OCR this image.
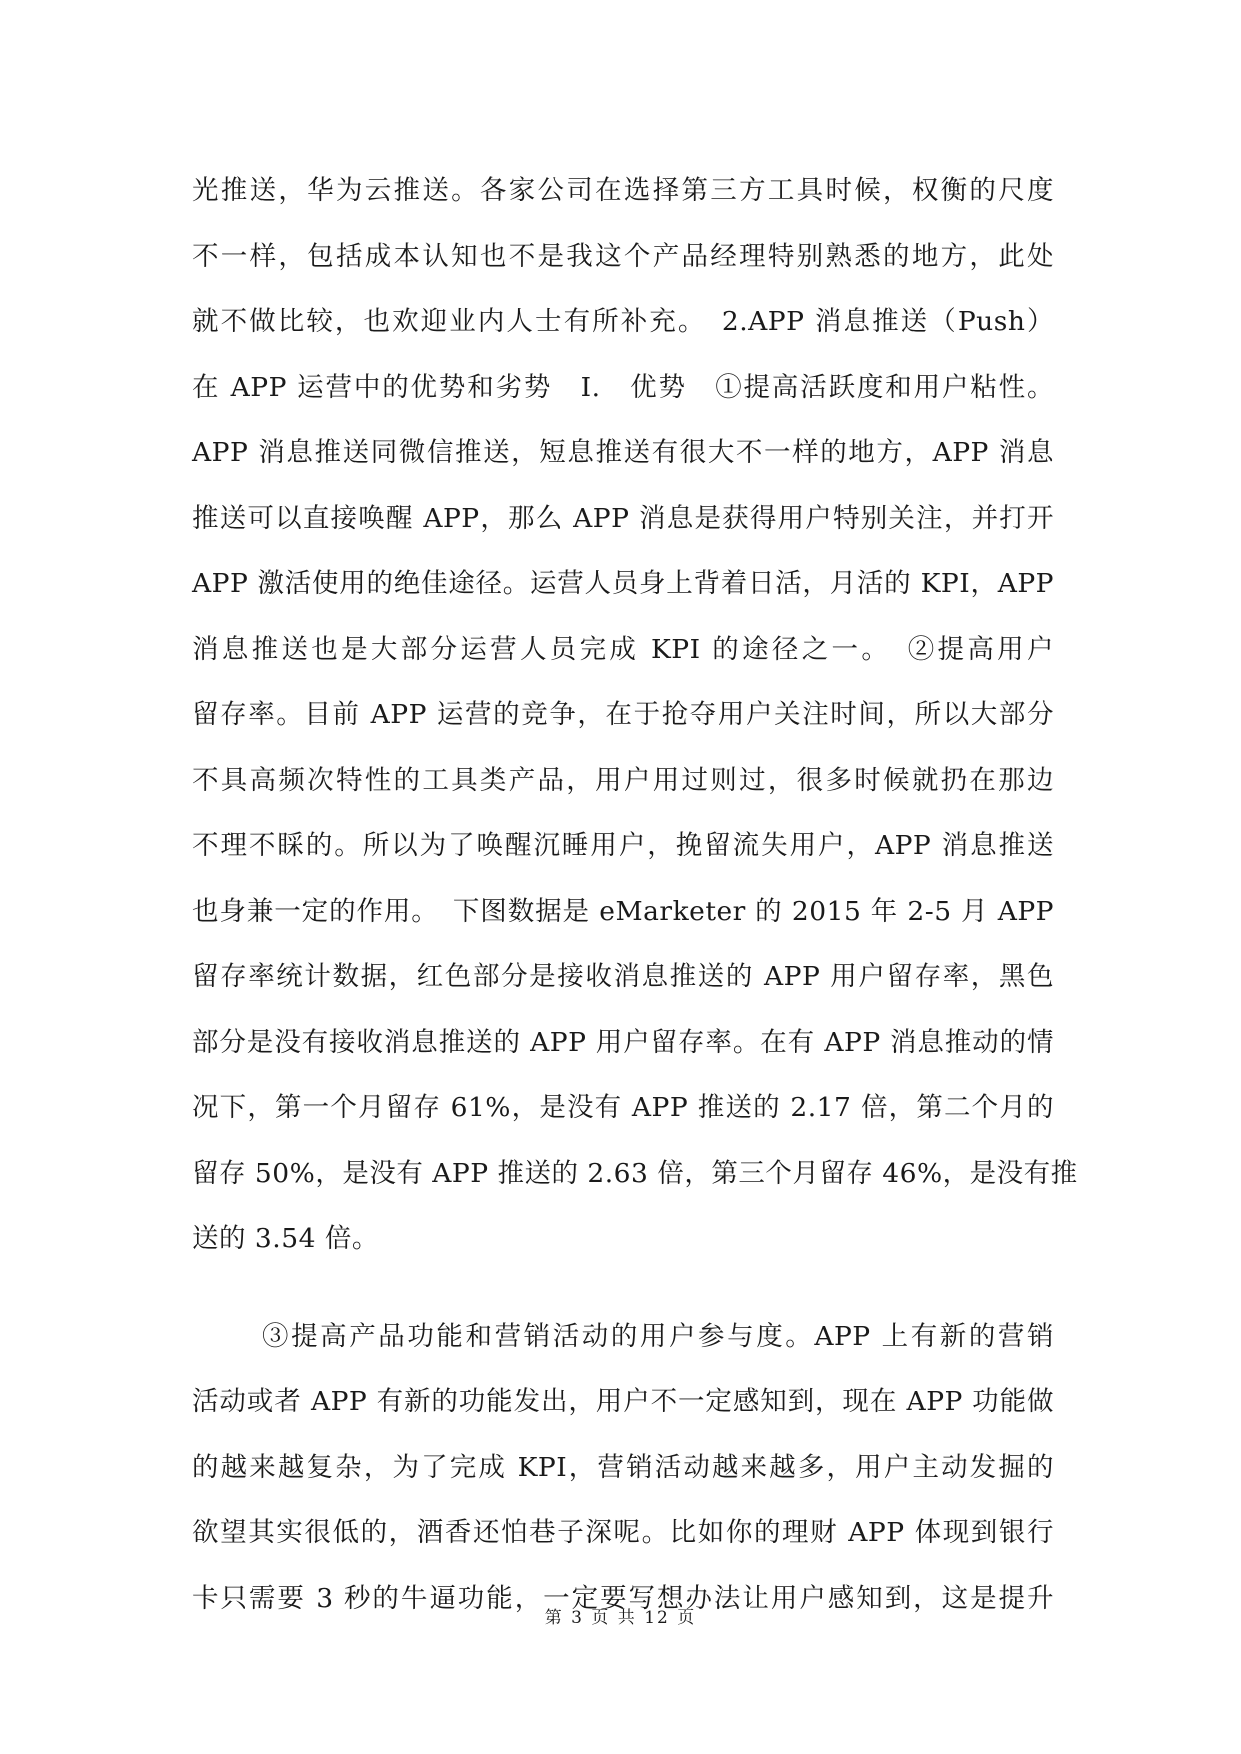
光推送，华为云推送。各家公司在选择第三方工具时候，权衡的尺度
不一样，包括成本认知也不是我这个产品经理特别熟悉的地方，此处
就不做比较，也欢迎业内人士有所补充。　2.APP 消息推送（Push）
在 APP 运营中的优势和劣势　I.　优势　①提高活跃度和用户粘性。
APP 消息推送同微信推送，短息推送有很大不一样的地方，APP 消息
推送可以直接唤醒 APP，那么 APP 消息是获得用户特别关注，并打开
APP 激活使用的绝佳途径。运营人员身上背着日活，月活的 KPI，APP
消息推送也是大部分运营人员完成 KPI 的途径之一。　②提高用户
留存率。目前 APP 运营的竞争，在于抢夺用户关注时间，所以大部分
不具高频次特性的工具类产品，用户用过则过，很多时候就扔在那边
不理不睬的。所以为了唤醒沉睡用户，挽留流失用户，APP 消息推送
也身兼一定的作用。　下图数据是 eMarketer 的 2015 年 2-5 月 APP
留存率统计数据，红色部分是接收消息推送的 APP 用户留存率，黑色
部分是没有接收消息推送的 APP 用户留存率。在有 APP 消息推动的情
况下，第一个月留存 61%，是没有 APP 推送的 2.17 倍，第二个月的
留存 50%，是没有 APP 推送的 2.63 倍，第三个月留存 46%，是没有推
送的 3.54 倍。
③提高产品功能和营销活动的用户参与度。APP 上有新的营销
活动或者 APP 有新的功能发出，用户不一定感知到，现在 APP 功能做
的越来越复杂，为了完成 KPI，营销活动越来越多，用户主动发掘的
欲望其实很低的，酒香还怕巷子深呢。比如你的理财 APP 体现到银行
卡只需要 3 秒的牛逼功能，一定要写想办法让用户感知到，这是提升
第 3 页 共 12 页
